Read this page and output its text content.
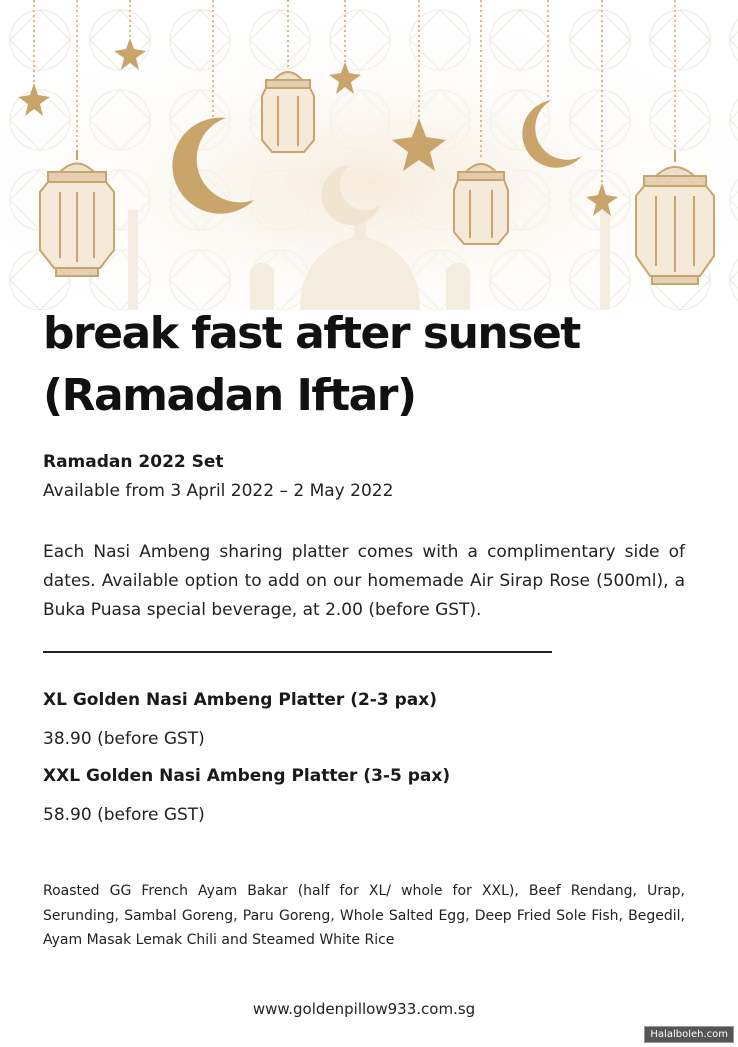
break fast after sunset
(Ramadan Iftar)
Ramadan 2022 Set
Available from 3 April 2022 – 2 May 2022
Each Nasi Ambeng sharing platter comes with a complimentary side of dates. Available option to add on our homemade Air Sirap Rose (500ml), a Buka Puasa special beverage, at 2.00 (before GST).
XL Golden Nasi Ambeng Platter (2-3 pax)
38.90 (before GST)
XXL Golden Nasi Ambeng Platter (3-5 pax)
58.90 (before GST)
Roasted GG French Ayam Bakar (half for XL/ whole for XXL), Beef Rendang, Urap, Serunding, Sambal Goreng, Paru Goreng, Whole Salted Egg, Deep Fried Sole Fish, Begedil, Ayam Masak Lemak Chili and Steamed White Rice
www.goldenpillow933.com.sg
Halalboleh.com
